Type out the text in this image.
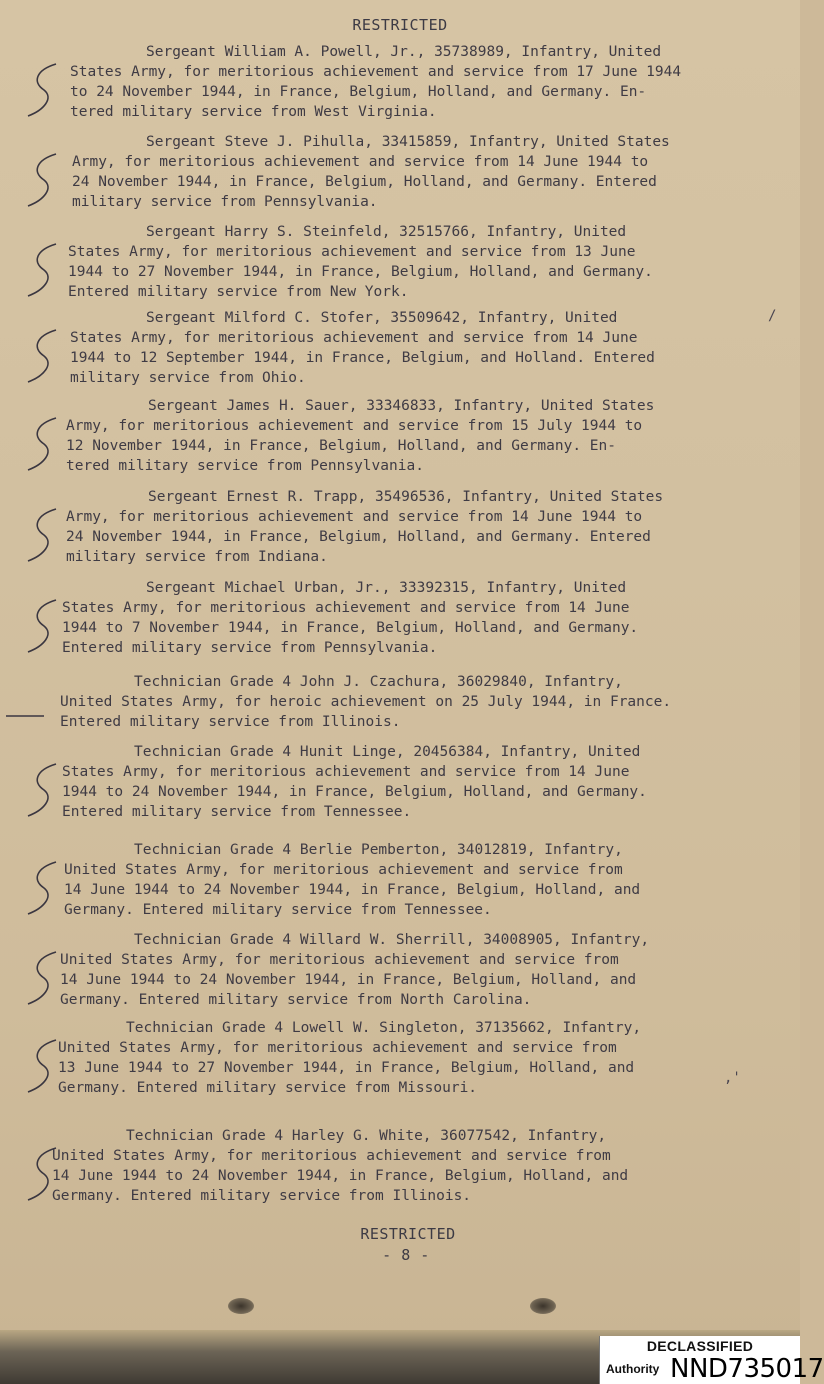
RESTRICTED
Sergeant William A. Powell, Jr., 35738989, Infantry, United
States Army, for meritorious achievement and service from 17 June 1944
to 24 November 1944, in France, Belgium, Holland, and Germany. En-
tered military service from West Virginia.
Sergeant Steve J. Pihulla, 33415859, Infantry, United States
Army, for meritorious achievement and service from 14 June 1944 to
24 November 1944, in France, Belgium, Holland, and Germany. Entered
military service from Pennsylvania.
Sergeant Harry S. Steinfeld, 32515766, Infantry, United
States Army, for meritorious achievement and service from 13 June
1944 to 27 November 1944, in France, Belgium, Holland, and Germany.
Entered military service from New York.
Sergeant Milford C. Stofer, 35509642, Infantry, United
States Army, for meritorious achievement and service from 14 June
1944 to 12 September 1944, in France, Belgium, and Holland. Entered
military service from Ohio.
Sergeant James H. Sauer, 33346833, Infantry, United States
Army, for meritorious achievement and service from 15 July 1944 to
12 November 1944, in France, Belgium, Holland, and Germany. En-
tered military service from Pennsylvania.
Sergeant Ernest R. Trapp, 35496536, Infantry, United States
Army, for meritorious achievement and service from 14 June 1944 to
24 November 1944, in France, Belgium, Holland, and Germany. Entered
military service from Indiana.
Sergeant Michael Urban, Jr., 33392315, Infantry, United
States Army, for meritorious achievement and service from 14 June
1944 to 7 November 1944, in France, Belgium, Holland, and Germany.
Entered military service from Pennsylvania.
Technician Grade 4 John J. Czachura, 36029840, Infantry,
United States Army, for heroic achievement on 25 July 1944, in France.
Entered military service from Illinois.
Technician Grade 4 Hunit Linge, 20456384, Infantry, United
States Army, for meritorious achievement and service from 14 June
1944 to 24 November 1944, in France, Belgium, Holland, and Germany.
Entered military service from Tennessee.
Technician Grade 4 Berlie Pemberton, 34012819, Infantry,
United States Army, for meritorious achievement and service from
14 June 1944 to 24 November 1944, in France, Belgium, Holland, and
Germany. Entered military service from Tennessee.
Technician Grade 4 Willard W. Sherrill, 34008905, Infantry,
United States Army, for meritorious achievement and service from
14 June 1944 to 24 November 1944, in France, Belgium, Holland, and
Germany. Entered military service from North Carolina.
Technician Grade 4 Lowell W. Singleton, 37135662, Infantry,
United States Army, for meritorious achievement and service from
13 June 1944 to 27 November 1944, in France, Belgium, Holland, and
Germany. Entered military service from Missouri.
Technician Grade 4 Harley G. White, 36077542, Infantry,
United States Army, for meritorious achievement and service from
14 June 1944 to 24 November 1944, in France, Belgium, Holland, and
Germany. Entered military service from Illinois.
RESTRICTED
- 8 -
/
,'
DECLASSIFIED
Authority NND735017
